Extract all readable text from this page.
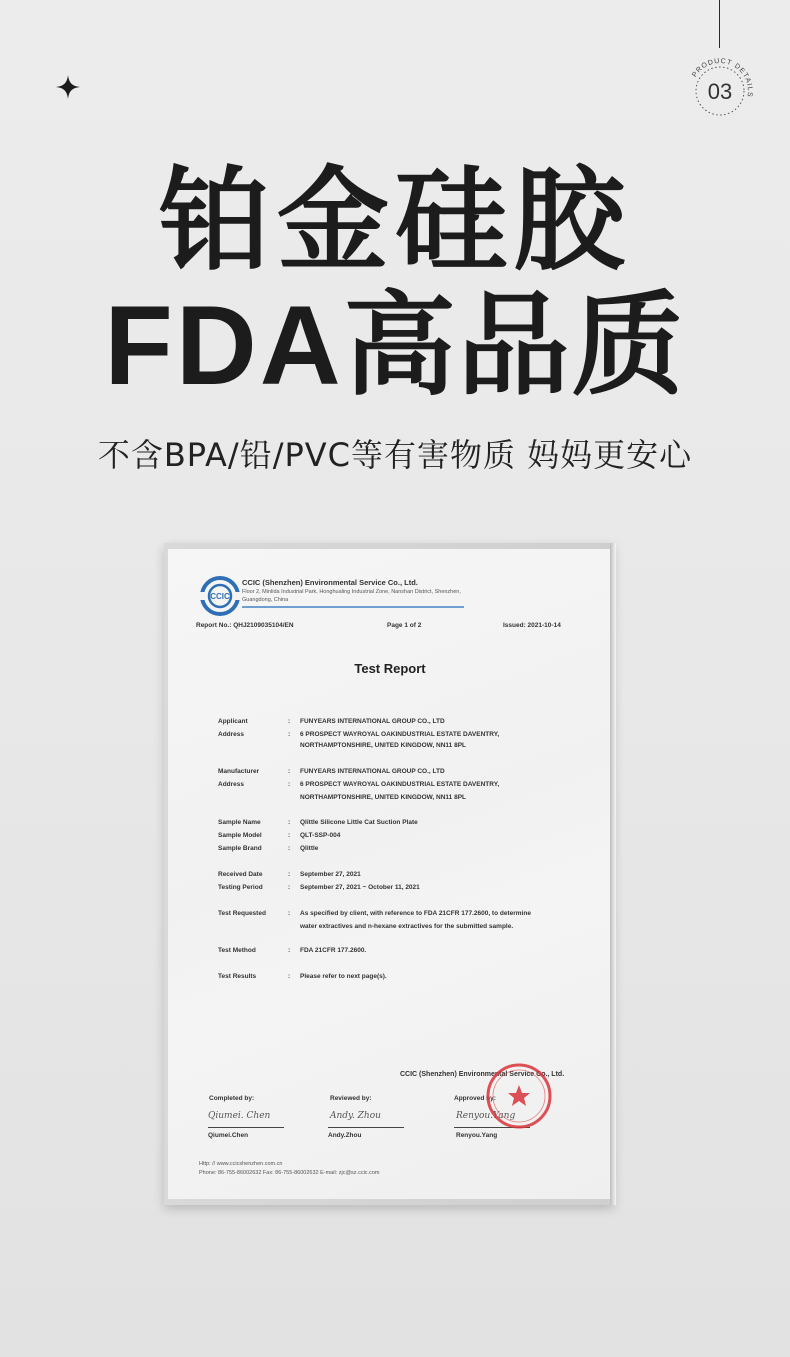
PRODUCT DETAILS
03
铂金硅胶
FDA高品质
不含BPA/铅/PVC等有害物质 妈妈更安心
CCIC
CCIC (Shenzhen) Environmental Service Co., Ltd.
Floor 2, Minlida Industrial Park, Honghualing Industrial Zone, Nanshan District, Shenzhen, Guangdong, China
Report No.: QHJ2109035104/EN	Page 1 of 2	Issued: 2021-10-14
Test Report
Applicant	: FUNYEARS INTERNATIONAL GROUP CO., LTD
Address	: 6 PROSPECT WAYROYAL OAKINDUSTRIAL ESTATE DAVENTRY,
NORTHAMPTONSHIRE, UNITED KINGDOW, NN11 8PL
Manufacturer	: FUNYEARS INTERNATIONAL GROUP CO., LTD
Address	: 6 PROSPECT WAYROYAL OAKINDUSTRIAL ESTATE DAVENTRY,
NORTHAMPTONSHIRE, UNITED KINGDOW, NN11 8PL
Sample Name	: Qlittle Silicone Little Cat Suction Plate
Sample Model	: QLT-SSP-004
Sample Brand	: Qlittle
Received Date	: September 27, 2021
Testing Period	: September 27, 2021 ~ October 11, 2021
Test Requested	: As specified by client, with reference to FDA 21CFR 177.2600, to determine
water extractives and n-hexane extractives for the submitted sample.
Test Method	: FDA 21CFR 177.2600.
Test Results	: Please refer to next page(s).
CCIC (Shenzhen) Environmental Service Co., Ltd.
Completed by:
Qiumei. Chen
Qiumei.Chen
Reviewed by:
Andy. Zhou
Andy.Zhou
Approved by:
Renyou.Yang
Renyou.Yang
Http: // www.ccicshenzhen.com.cn
Phone: 86-755-86002632 Fax: 86-755-86002632 E-mail: zjc@sz.ccic.com
